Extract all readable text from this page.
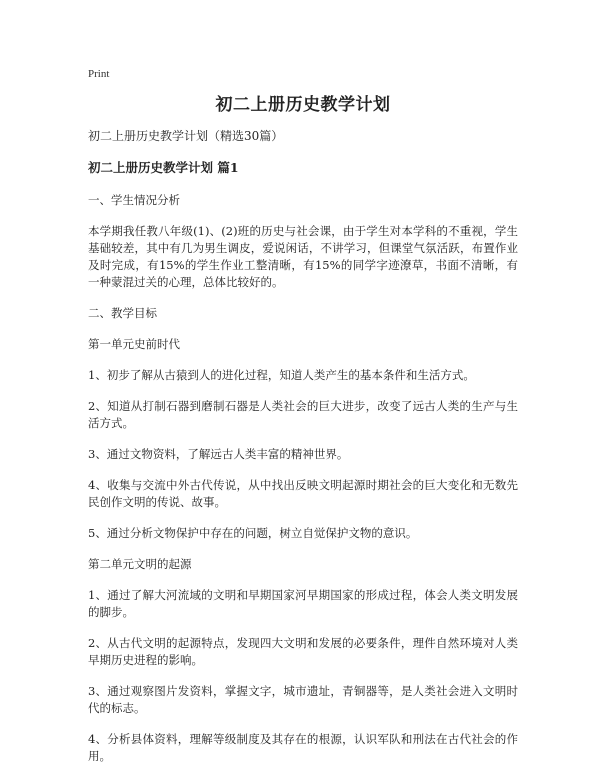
Print
初二上册历史教学计划

初二上册历史教学计划（精选30篇）

初二上册历史教学计划 篇1

一、学生情况分析

本学期我任教八年级(1)、(2)班的历史与社会课，由于学生对本学科的不重视，学生基础较差，其中有几为男生调皮，爱说闲话，不讲学习，但课堂气氛活跃，布置作业及时完成，有15%的学生作业工整清晰，有15%的同学字迹潦草，书面不清晰，有一种蒙混过关的心理，总体比较好的。

二、教学目标

第一单元史前时代

1、初步了解从古猿到人的进化过程，知道人类产生的基本条件和生活方式。

2、知道从打制石器到磨制石器是人类社会的巨大进步，改变了远古人类的生产与生活方式。

3、通过文物资料，了解远古人类丰富的精神世界。

4、收集与交流中外古代传说，从中找出反映文明起源时期社会的巨大变化和无数先民创作文明的传说、故事。

5、通过分析文物保护中存在的问题，树立自觉保护文物的意识。

第二单元文明的起源

1、通过了解大河流域的文明和早期国家河早期国家的形成过程，体会人类文明发展的脚步。

2、从古代文明的起源特点，发现四大文明和发展的必要条件，理件自然环境对人类早期历史进程的影响。

3、通过观察图片发资料，掌握文字，城市遗址，青铜器等，是人类社会进入文明时代的标志。

4、分析县体资料，理解等级制度及其存在的根源，认识军队和刑法在古代社会的作用。
